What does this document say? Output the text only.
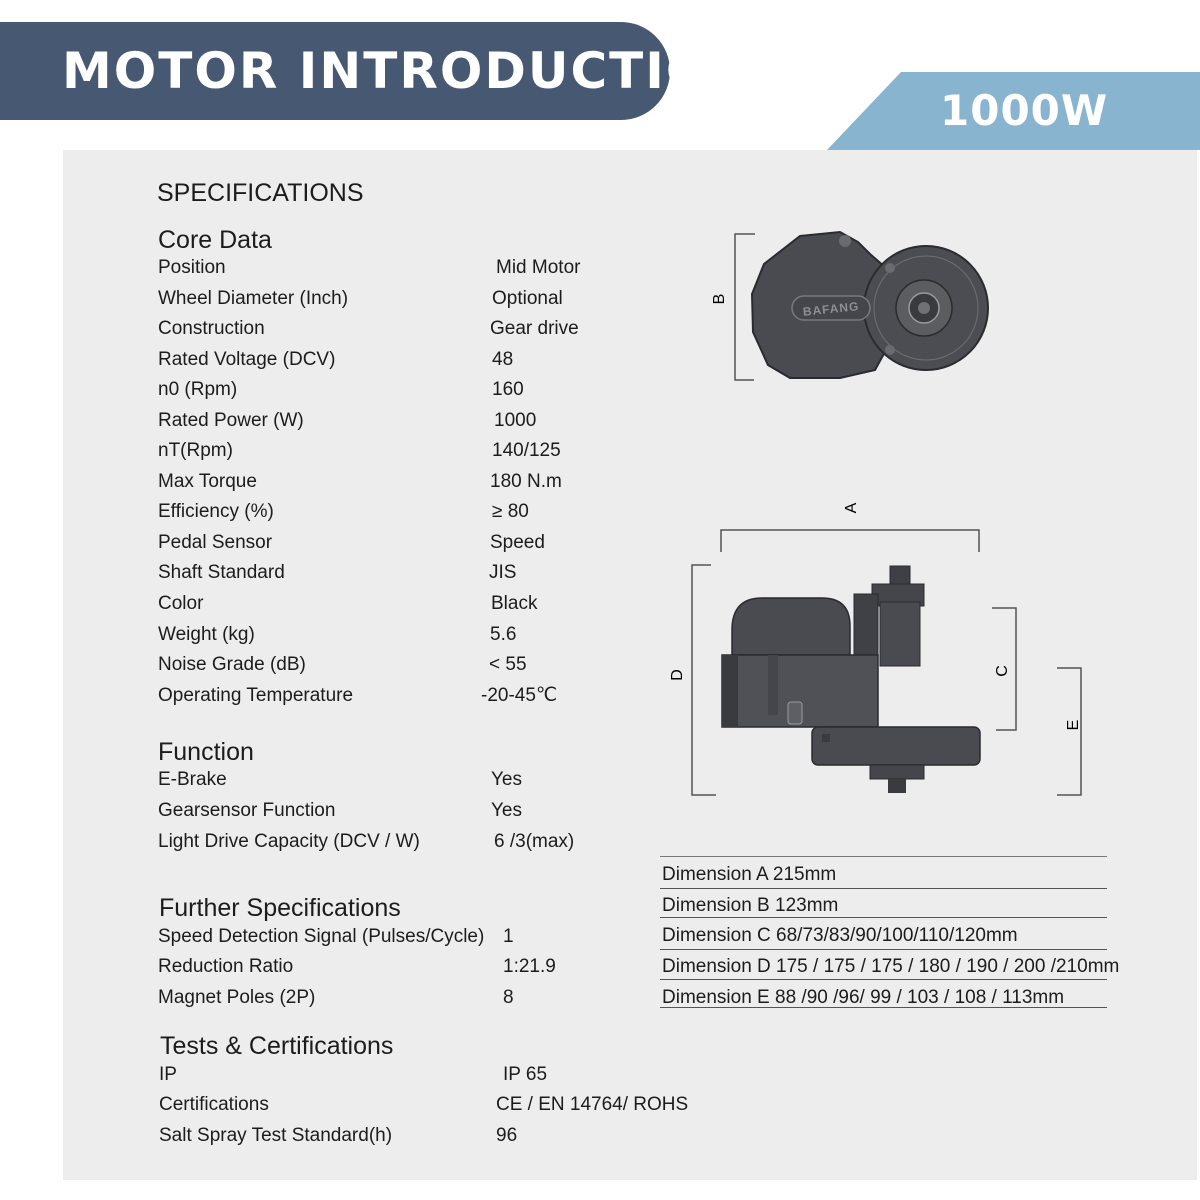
MOTOR INTRODUCTION
1000W
SPECIFICATIONS
Core Data
Position	Mid Motor
Wheel Diameter (Inch)	Optional
Construction	Gear drive
Rated Voltage (DCV)	48
n0 (Rpm)	160
Rated Power (W)	1000
nT(Rpm)	140/125
Max Torque	180 N.m
Efficiency (%)	≥ 80
Pedal Sensor	Speed
Shaft Standard	JIS
Color	Black
Weight (kg)	5.6
Noise Grade (dB)	< 55
Operating Temperature	-20-45℃
Function
E-Brake	Yes
Gearsensor Function	Yes
Light Drive Capacity (DCV / W)	6 /3(max)
Further Specifications
Speed Detection Signal (Pulses/Cycle) 1
Reduction Ratio	1:21.9
Magnet Poles (2P)	8
Tests & Certifications
IP	IP 65
Certifications	CE / EN 14764/ ROHS
Salt Spray Test Standard(h)	96
Dimension A 215mm
Dimension B 123mm
Dimension C 68/73/83/90/100/110/120mm
Dimension D 175 / 175 / 175 / 180 / 190 / 200 /210mm
Dimension E 88 /90 /96/ 99 / 103 / 108 / 113mm
B
BAFANG
A
D	C
E
